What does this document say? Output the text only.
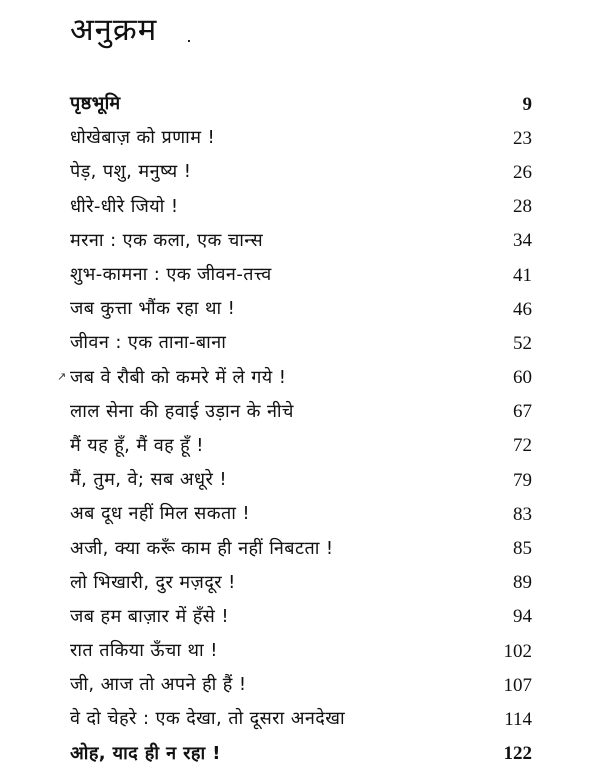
अनुक्रम
पृष्ठभूमि	9
धोखेबाज़ को प्रणाम !	23
पेड़, पशु, मनुष्य !	26
धीरे-धीरे जियो !	28
मरना : एक कला, एक चान्स	34
शुभ-कामना : एक जीवन-तत्त्व	41
जब कुत्ता भौंक रहा था !	46
जीवन : एक ताना-बाना	52
↗ जब वे रौबी को कमरे में ले गये !	60
लाल सेना की हवाई उड़ान के नीचे	67
मैं यह हूँ, मैं वह हूँ !	72
मैं, तुम, वे; सब अधूरे !	79
अब दूध नहीं मिल सकता !	83
अजी, क्या करूँ काम ही नहीं निबटता !	85
लो भिखारी, दुर मज़दूर !	89
जब हम बाज़ार में हँसे !	94
रात तकिया ऊँचा था !	102
जी, आज तो अपने ही हैं !	107
वे दो चेहरे : एक देखा, तो दूसरा अनदेखा	114
ओह, याद ही न रहा !	122
